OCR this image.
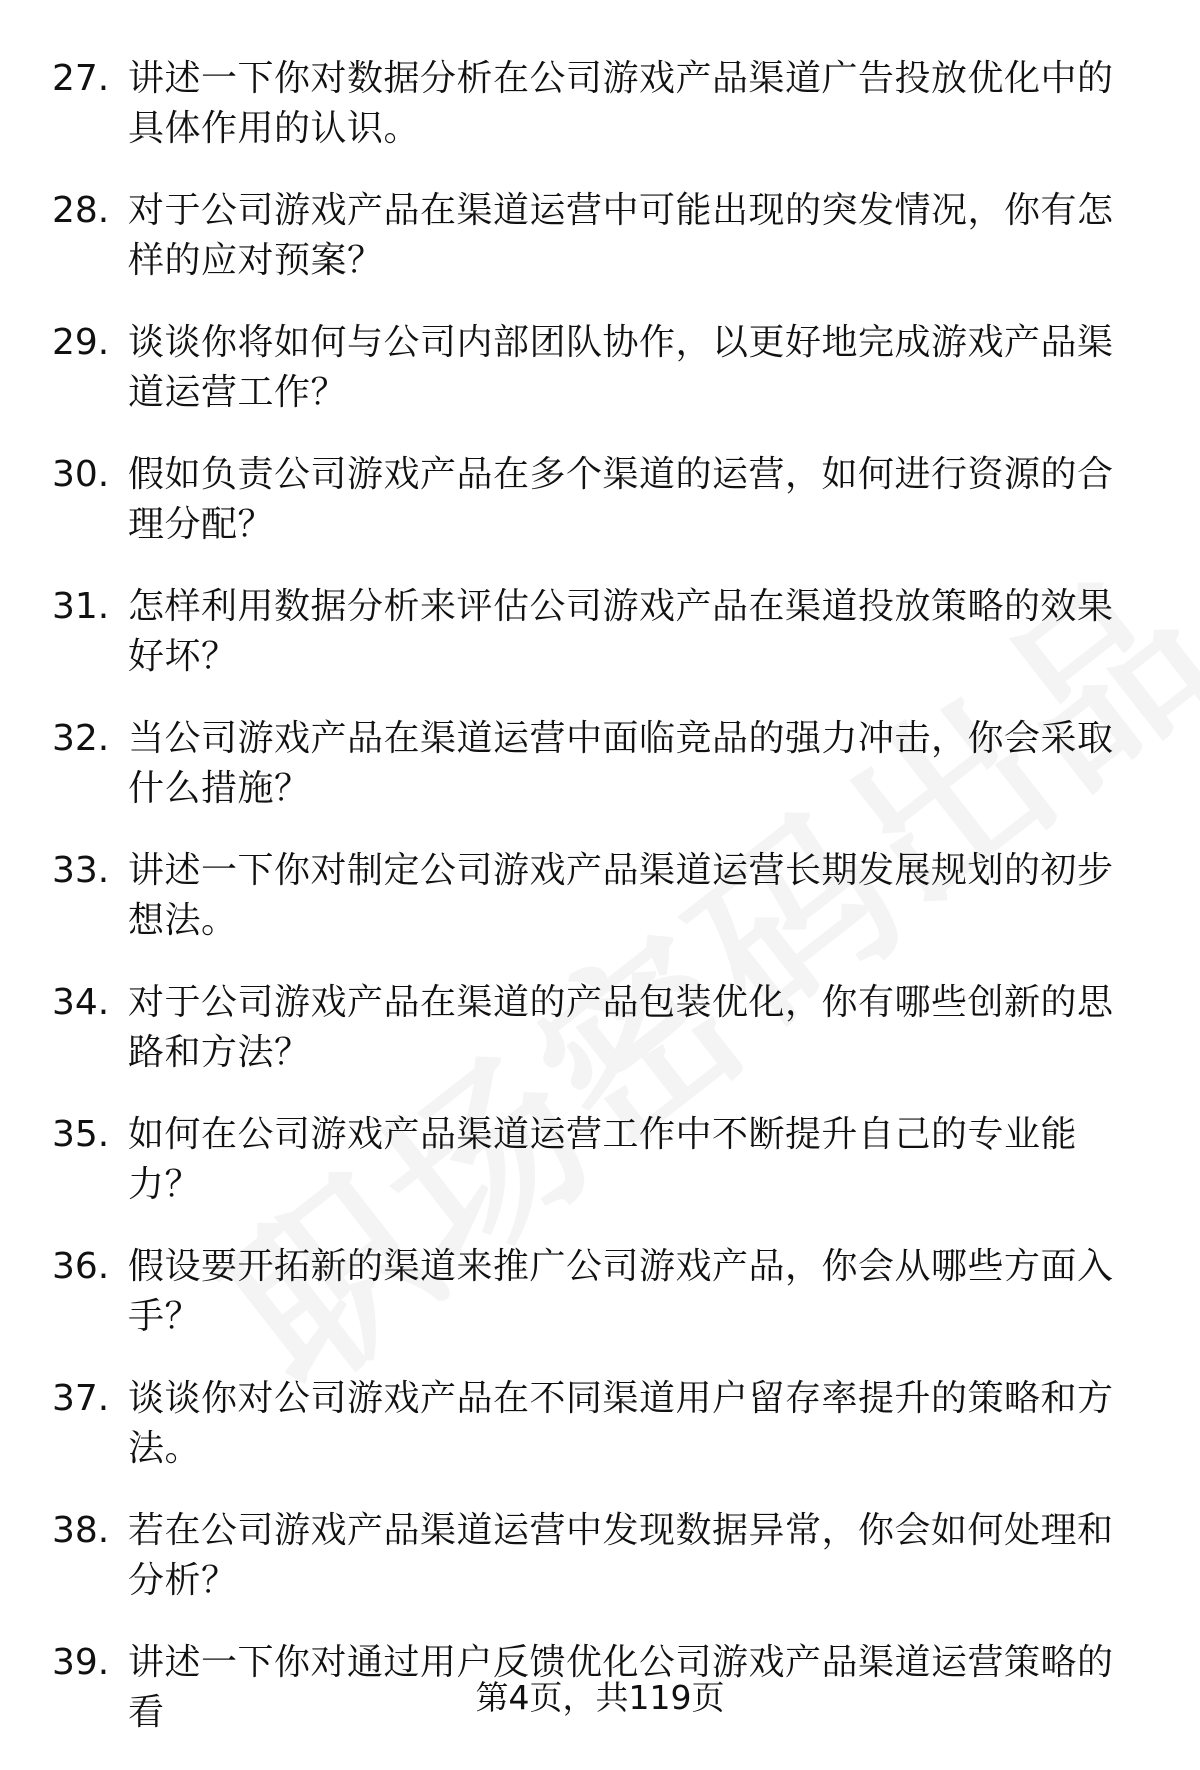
27. 讲述一下你对数据分析在公司游戏产品渠道广告投放优化中的具体作用的认识。
28. 对于公司游戏产品在渠道运营中可能出现的突发情况，你有怎样的应对预案？
29. 谈谈你将如何与公司内部团队协作，以更好地完成游戏产品渠道运营工作？
30. 假如负责公司游戏产品在多个渠道的运营，如何进行资源的合理分配？
31. 怎样利用数据分析来评估公司游戏产品在渠道投放策略的效果好坏？
32. 当公司游戏产品在渠道运营中面临竞品的强力冲击，你会采取什么措施？
33. 讲述一下你对制定公司游戏产品渠道运营长期发展规划的初步想法。
34. 对于公司游戏产品在渠道的产品包装优化，你有哪些创新的思路和方法？
35. 如何在公司游戏产品渠道运营工作中不断提升自己的专业能力？
36. 假设要开拓新的渠道来推广公司游戏产品，你会从哪些方面入手？
37. 谈谈你对公司游戏产品在不同渠道用户留存率提升的策略和方法。
38. 若在公司游戏产品渠道运营中发现数据异常，你会如何处理和分析？
39. 讲述一下你对通过用户反馈优化公司游戏产品渠道运营策略的看	第4页，共119页
